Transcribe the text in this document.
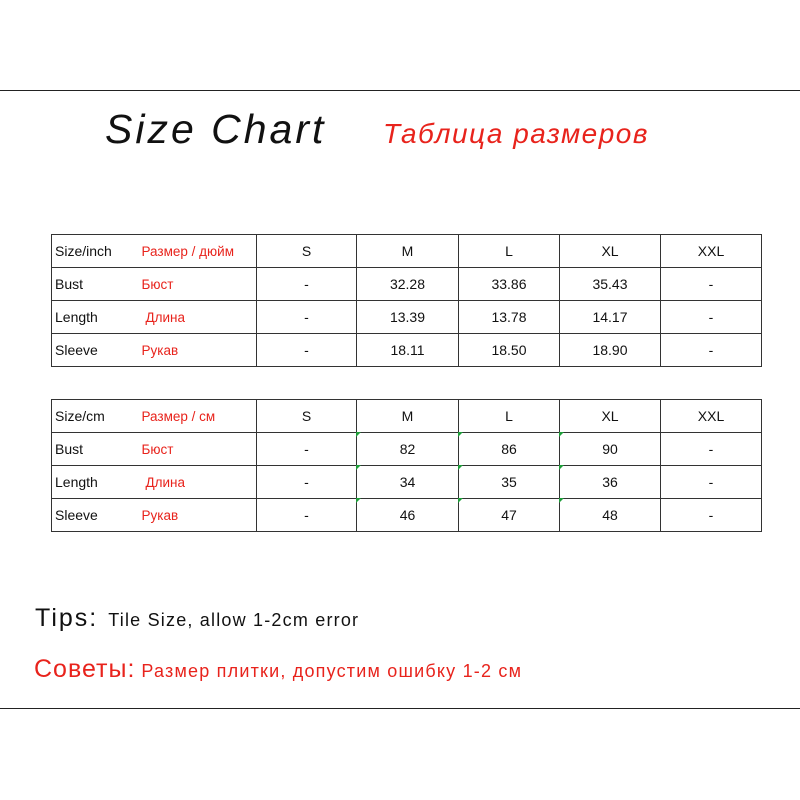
Size Chart Таблица размеров
Size/inch	Размер / дюйм	S	M	L	XL	XXL
Bust	Бюст	-	32.28	33.86	35.43	-
Length	Длина	-	13.39	13.78	14.17	-
Sleeve	Рукав	-	18.11	18.50	18.90	-
Size/cm	Размер / см	S	M	L	XL	XXL
Bust	Бюст	-	82	86	90	-
Length	Длина	-	34	35	36	-
Sleeve	Рукав	-	46	47	48	-
Tips: Tile Size, allow 1-2cm error
Советы: Размер плитки, допустим ошибку 1-2 см
